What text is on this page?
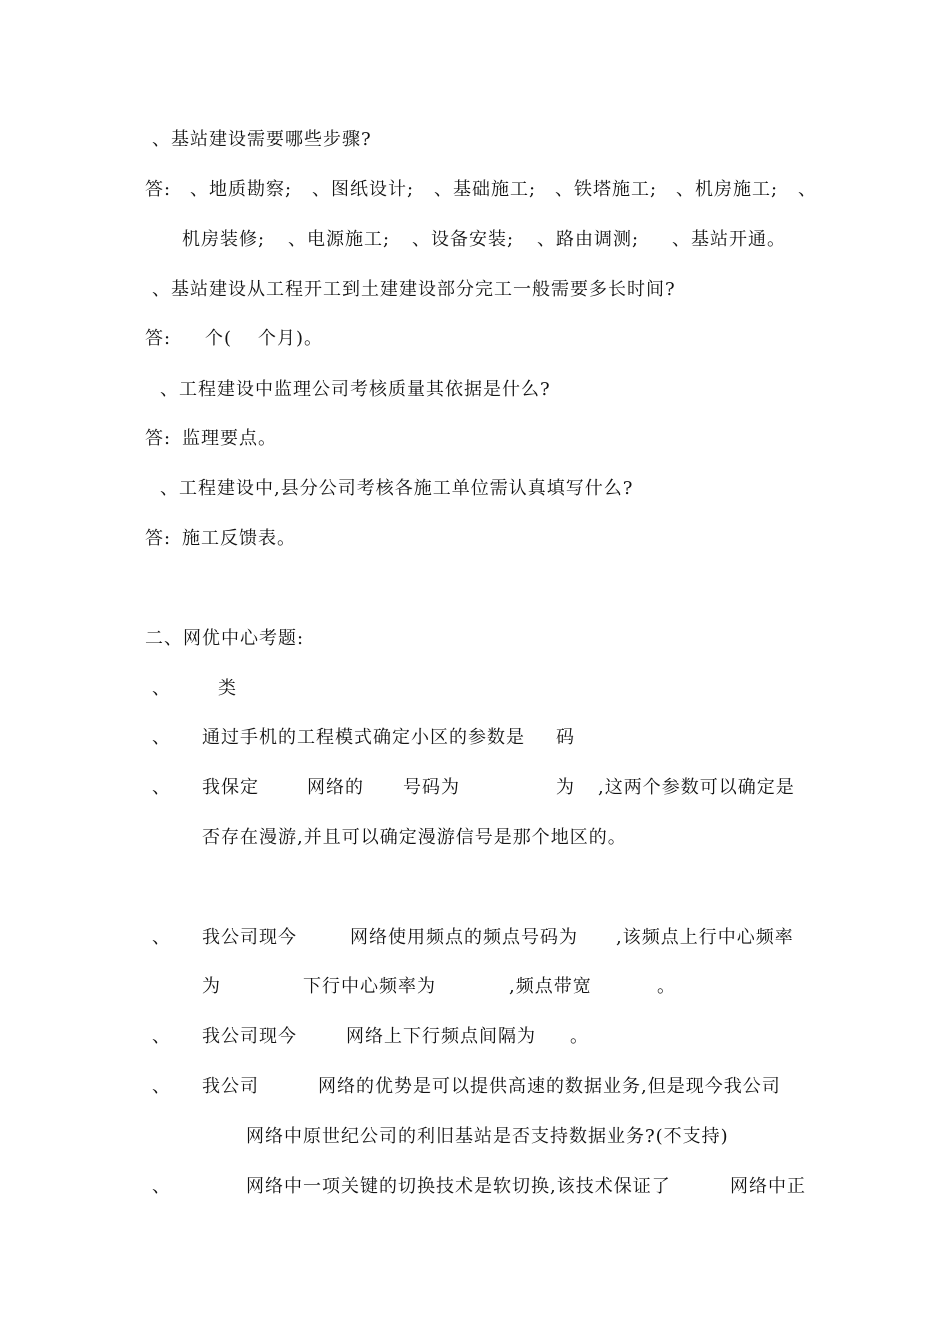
、基站建设需要哪些步骤?
答: 、地质勘察; 、图纸设计; 、基础施工; 、铁塔施工; 、机房施工; 、
机房装修; 、电源施工; 、设备安装; 、路由调测; 、基站开通。
、基站建设从工程开工到土建建设部分完工一般需要多长时间?
答: 个( 个月)。
、工程建设中监理公司考核质量其依据是什么?
答: 监理要点。
、工程建设中,县分公司考核各施工单位需认真填写什么?
答: 施工反馈表。
二、网优中心考题:
、	类
、 通过手机的工程模式确定小区的参数是 码
、 我保定	网络的 号码为	为 ,这两个参数可以确定是
否存在漫游,并且可以确定漫游信号是那个地区的。
、 我公司现今	网络使用频点的频点号码为 ,该频点上行中心频率
为	下行中心频率为	,频点带宽	。
、 我公司现今	网络上下行频点间隔为 。
、 我公司	网络的优势是可以提供高速的数据业务,但是现今我公司
网络中原世纪公司的利旧基站是否支持数据业务?(不支持)
、	网络中一项关键的切换技术是软切换,该技术保证了	网络中正
